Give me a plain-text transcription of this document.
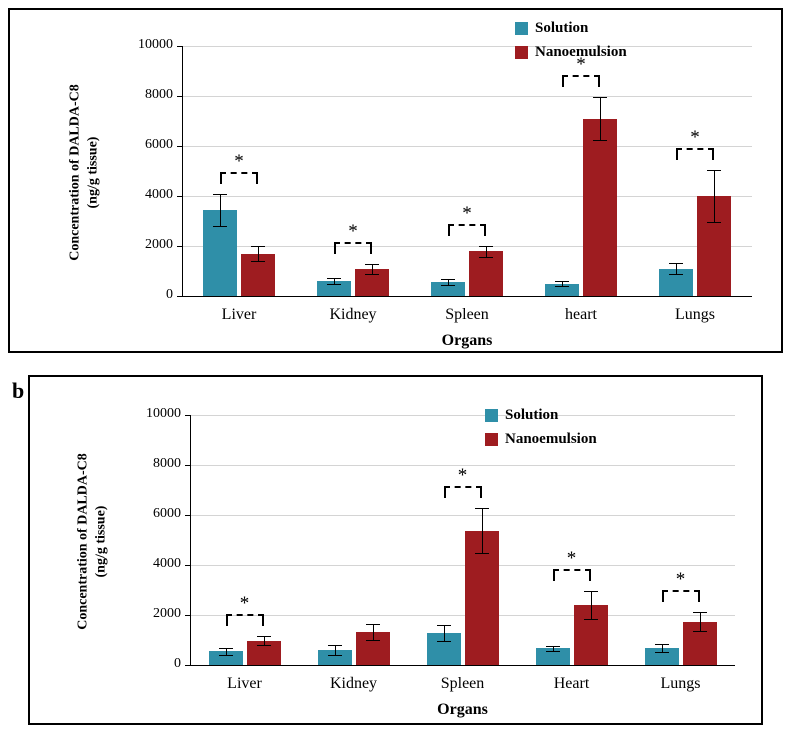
0
2000
4000
6000
8000
10000
Liver	Kidney	Spleen	heart	Lungs
*
*
*
*
*
Organs
Concentration of DALDA-C8 (ng/g tissue)
Solution
Nanoemulsion
b
0
2000
4000
6000
8000
10000
Liver	Kidney	Spleen	Heart	Lungs
*
*
*
*
Organs
Concentration of DALDA-C8 (ng/g tissue)
Solution
Nanoemulsion
